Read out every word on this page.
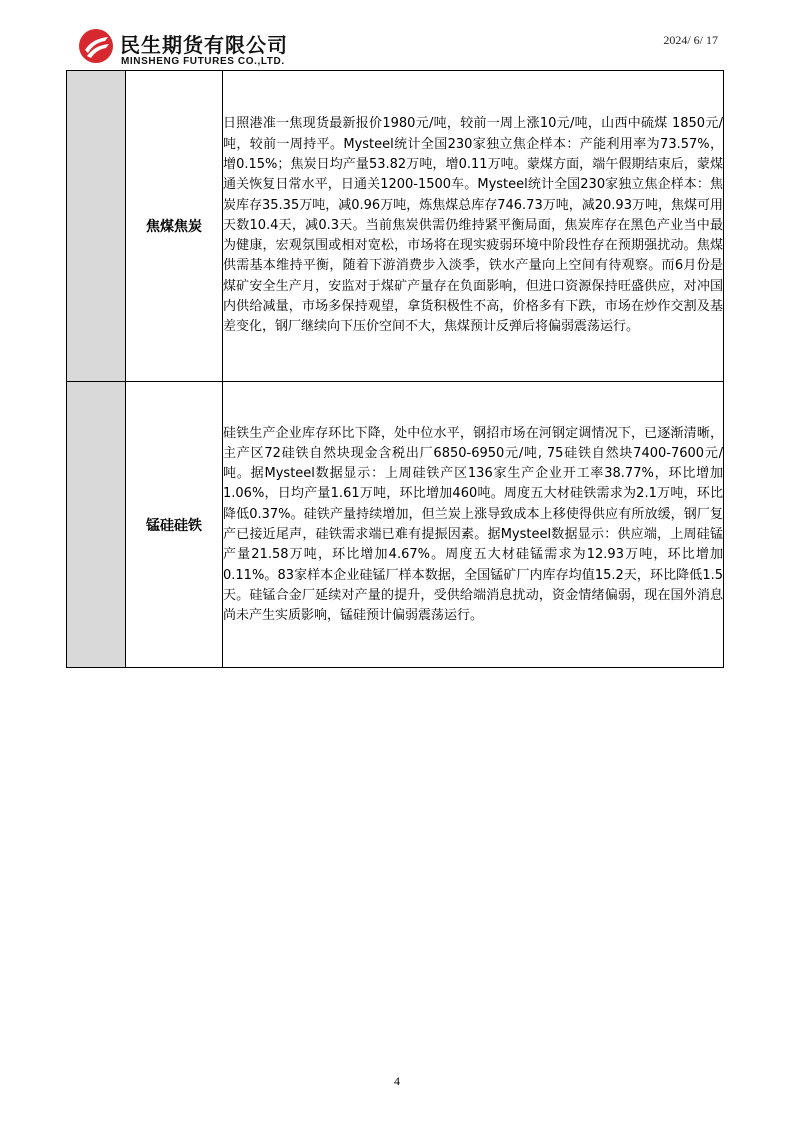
民生期货有限公司
MINSHENG FUTURES CO.,LTD.
2024/ 6/ 17
	焦煤焦炭	日照港准一焦现货最新报价1980元/吨，较前一周上涨10元/吨，山西中硫煤 1850元/吨，较前一周持平。Mysteel统计全国230家独立焦企样本：产能利用率为73.57%，增0.15%；焦炭日均产量53.82万吨，增0.11万吨。蒙煤方面，端午假期结束后，蒙煤通关恢复日常水平，日通关1200-1500车。Mysteel统计全国230家独立焦企样本：焦炭库存35.35万吨，减0.96万吨，炼焦煤总库存746.73万吨，减20.93万吨，焦煤可用天数10.4天，减0.3天。当前焦炭供需仍维持紧平衡局面，焦炭库存在黑色产业当中最为健康，宏观氛围或相对宽松，市场将在现实疲弱环境中阶段性存在预期强扰动。焦煤供需基本维持平衡，随着下游消费步入淡季，铁水产量向上空间有待观察。而6月份是煤矿安全生产月，安监对于煤矿产量存在负面影响，但进口资源保持旺盛供应，对冲国内供给减量，市场多保持观望，拿货积极性不高，价格多有下跌，市场在炒作交割及基差变化，钢厂继续向下压价空间不大，焦煤预计反弹后将偏弱震荡运行。
	锰硅硅铁	硅铁生产企业库存环比下降，处中位水平，钢招市场在河钢定调情况下，已逐渐清晰，主产区72硅铁自然块现金含税出厂6850-6950元/吨, 75硅铁自然块7400-7600元/吨。据Mysteel数据显示：上周硅铁产区136家生产企业开工率38.77%，环比增加1.06%，日均产量1.61万吨，环比增加460吨。周度五大材硅铁需求为2.1万吨，环比降低0.37%。硅铁产量持续增加，但兰炭上涨导致成本上移使得供应有所放缓，钢厂复产已接近尾声，硅铁需求端已难有提振因素。据Mysteel数据显示：供应端，上周硅锰产量21.58万吨，环比增加4.67%。周度五大材硅锰需求为12.93万吨，环比增加0.11%。83家样本企业硅锰厂样本数据，全国锰矿厂内库存均值15.2天，环比降低1.5天。硅锰合金厂延续对产量的提升，受供给端消息扰动，资金情绪偏弱，现在国外消息尚未产生实质影响，锰硅预计偏弱震荡运行。
4
